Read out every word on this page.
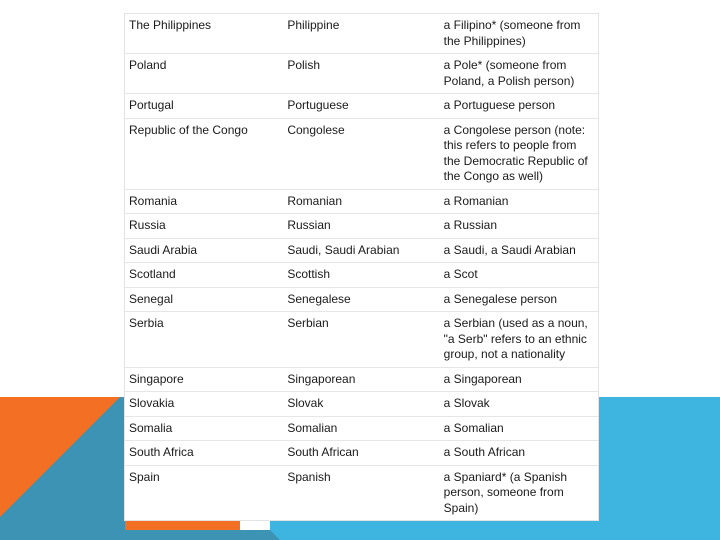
The Philippines	Philippine	a Filipino* (someone from the Philippines)
Poland	Polish	a Pole* (someone from Poland, a Polish person)
Portugal	Portuguese	a Portuguese person
Republic of the Congo	Congolese	a Congolese person (note: this refers to people from the Democratic Republic of the Congo as well)
Romania	Romanian	a Romanian
Russia	Russian	a Russian
Saudi Arabia	Saudi, Saudi Arabian	a Saudi, a Saudi Arabian
Scotland	Scottish	a Scot
Senegal	Senegalese	a Senegalese person
Serbia	Serbian	a Serbian (used as a noun, "a Serb" refers to an ethnic group, not a nationality
Singapore	Singaporean	a Singaporean
Slovakia	Slovak	a Slovak
Somalia	Somalian	a Somalian
South Africa	South African	a South African
Spain	Spanish	a Spaniard* (a Spanish person, someone from Spain)
